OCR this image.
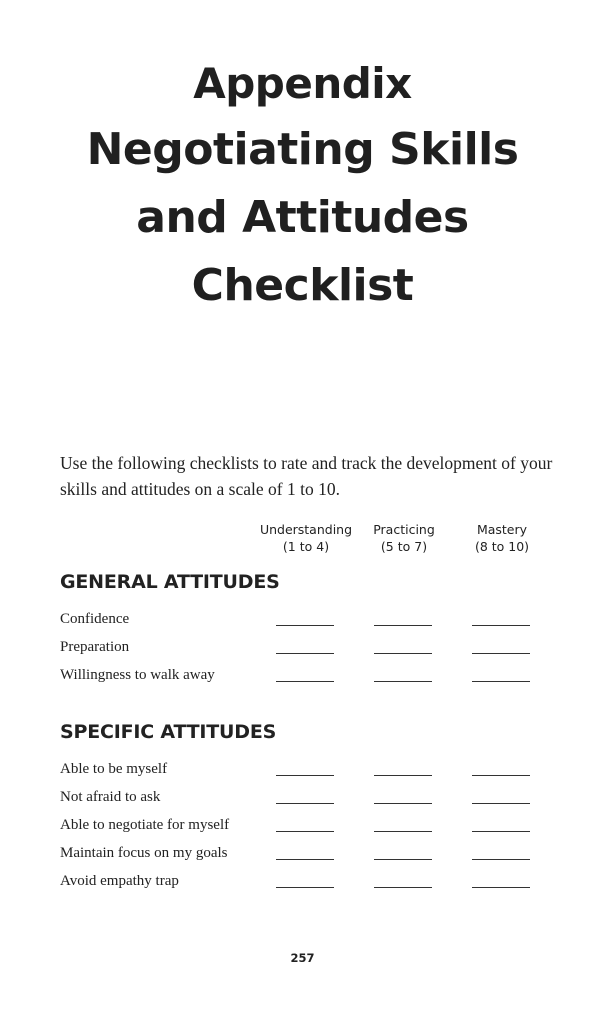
Appendix
Negotiating Skills
and Attitudes
Checklist
Use the following checklists to rate and track the development of your skills and attitudes on a scale of 1 to 10.
Understanding
(1 to 4)
Practicing
(5 to 7)
Mastery
(8 to 10)
GENERAL ATTITUDES
Confidence
Preparation
Willingness to walk away
SPECIFIC ATTITUDES
Able to be myself
Not afraid to ask
Able to negotiate for myself
Maintain focus on my goals
Avoid empathy trap
257
